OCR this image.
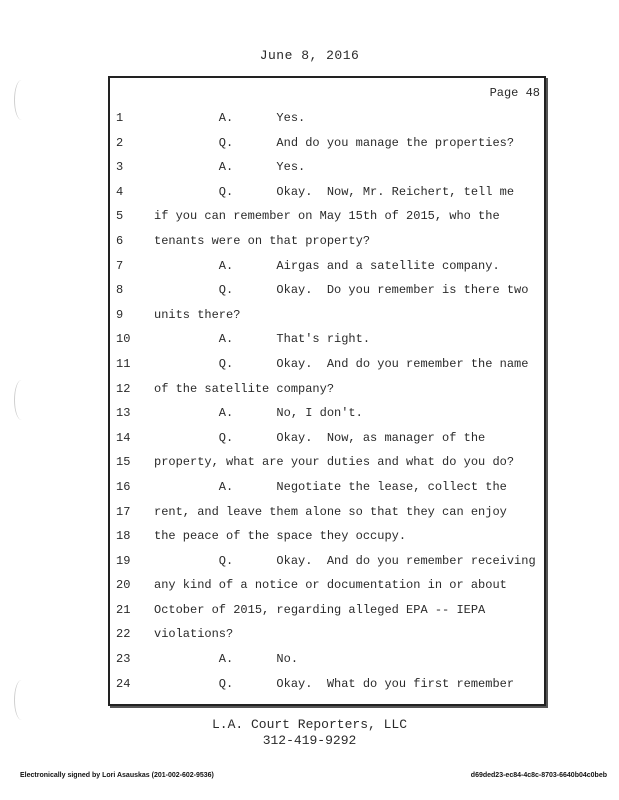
June 8, 2016
Page 48
1	A.      Yes.
2	Q.      And do you manage the properties?
3	A.      Yes.
4	Q.      Okay.  Now, Mr. Reichert, tell me
5	if you can remember on May 15th of 2015, who the
6	tenants were on that property?
7	A.      Airgas and a satellite company.
8	Q.      Okay.  Do you remember is there two
9	units there?
10	A.      That's right.
11	Q.      Okay.  And do you remember the name
12	of the satellite company?
13	A.      No, I don't.
14	Q.      Okay.  Now, as manager of the
15	property, what are your duties and what do you do?
16	A.      Negotiate the lease, collect the
17	rent, and leave them alone so that they can enjoy
18	the peace of the space they occupy.
19	Q.      Okay.  And do you remember receiving
20	any kind of a notice or documentation in or about
21	October of 2015, regarding alleged EPA -- IEPA
22	violations?
23	A.      No.
24	Q.      Okay.  What do you first remember
L.A. Court Reporters, LLC
312-419-9292
Electronically signed by Lori Asauskas (201-002-602-9536)	d69ded23-ec84-4c8c-8703-6640b04c0beb
